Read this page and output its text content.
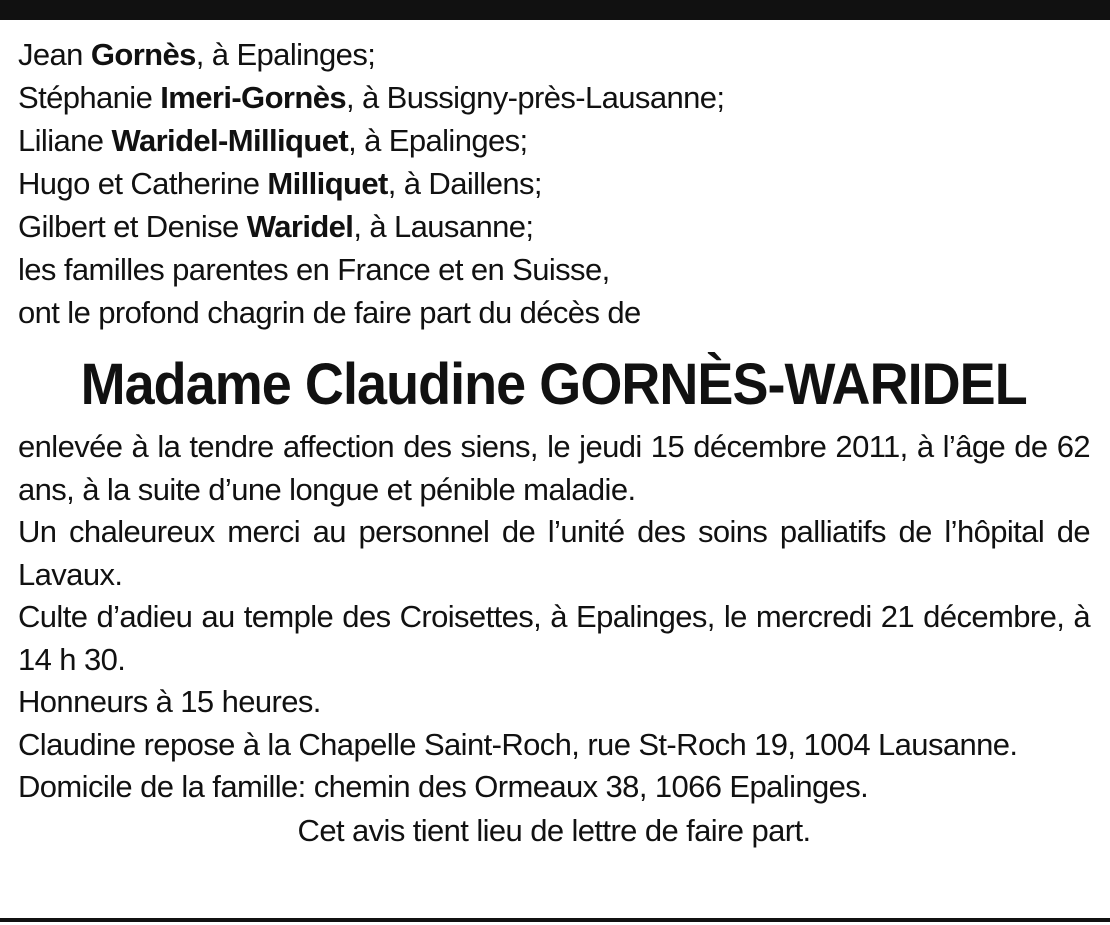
Jean Gornès, à Epalinges;
Stéphanie Imeri-Gornès, à Bussigny-près-Lausanne;
Liliane Waridel-Milliquet, à Epalinges;
Hugo et Catherine Milliquet, à Daillens;
Gilbert et Denise Waridel, à Lausanne;
les familles parentes en France et en Suisse,
ont le profond chagrin de faire part du décès de
Madame Claudine GORNÈS-WARIDEL
enlevée à la tendre affection des siens, le jeudi 15 décembre 2011, à l’âge de 62 ans, à la suite d’une longue et pénible maladie.
Un chaleureux merci au personnel de l’unité des soins palliatifs de l’hôpital de Lavaux.
Culte d’adieu au temple des Croisettes, à Epalinges, le mercredi 21 décembre, à 14 h 30.
Honneurs à 15 heures.
Claudine repose à la Chapelle Saint-Roch, rue St-Roch 19, 1004 Lausanne.
Domicile de la famille: chemin des Ormeaux 38, 1066 Epalinges.
Cet avis tient lieu de lettre de faire part.
